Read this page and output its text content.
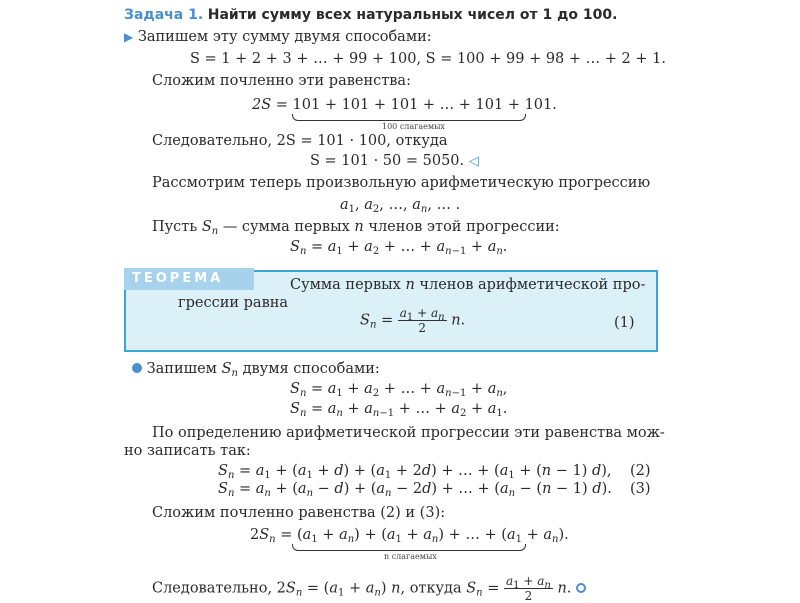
Задача 1. Найти сумму всех натуральных чисел от 1 до 100.
▶ Запишем эту сумму двумя способами:
S = 1 + 2 + 3 + … + 99 + 100, S = 100 + 99 + 98 + … + 2 + 1.
Сложим почленно эти равенства:
2S = 101 + 101 + 101 + … + 101 + 101.
100 слагаемых
Следовательно, 2S = 101 · 100, откуда
S = 101 · 50 = 5050. ◁
Рассмотрим теперь произвольную арифметическую прогрессию
$a_1$, $a_2$, …, $a_n$, … .
Пусть $S_n$ — сумма первых n членов этой прогрессии:
$S_n = a_1 + a_2$ + … + $a_{n-1} + a_n$.
ТЕОРЕМА	Сумма первых n членов арифметической про-
грессии равна
$S_n = \frac{a_1 + a_n}{2} n$.	(1)
Запишем $S_n$ двумя способами:
$S_n = a_1 + a_2$ + … + $a_{n-1} + a_n$,
$S_n = a_n + a_{n-1}$ + … + $a_2 + a_1$.
По определению арифметической прогрессии эти равенства мож-
но записать так:
$S_n = a_1 + (a_1 + d) + (a_1 + 2d)$ + … + ($a_1 + (n - 1)$ d), (2)
$S_n = a_n + (a_n - d) + (a_n - 2d)$ + … + ($a_n - (n - 1)$ d). (3)
Сложим почленно равенства (2) и (3):
$2S_n = (a_1 + a_n) + (a_1 + a_n)$ + … + $(a_1 + a_n)$.
n слагаемых
Следовательно, $2S_n = (a_1 + a_n)$ n, откуда $S_n = \frac{a_1 + a_n}{2} n$.
